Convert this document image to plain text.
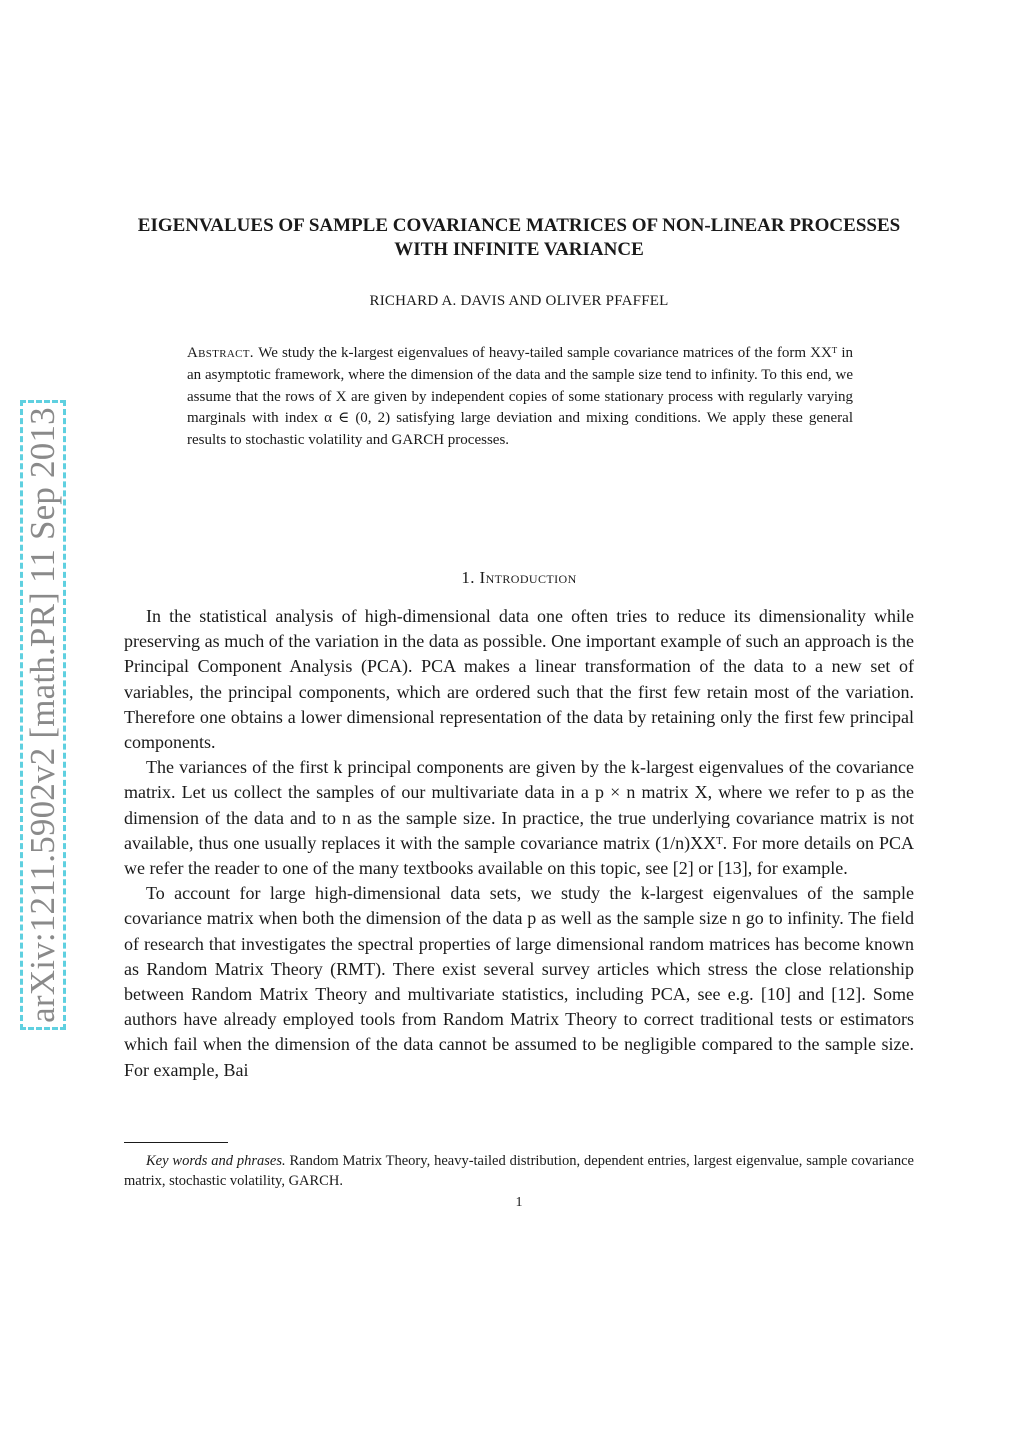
arXiv:1211.5902v2 [math.PR] 11 Sep 2013
EIGENVALUES OF SAMPLE COVARIANCE MATRICES OF NON-LINEAR PROCESSES WITH INFINITE VARIANCE
RICHARD A. DAVIS AND OLIVER PFAFFEL
Abstract . We study the k-largest eigenvalues of heavy-tailed sample covariance matrices of the form XXᵀ in an asymptotic framework, where the dimension of the data and the sample size tend to infinity. To this end, we assume that the rows of X are given by independent copies of some stationary process with regularly varying marginals with index α ∈ (0, 2) satisfying large deviation and mixing conditions. We apply these general results to stochastic volatility and GARCH processes.
1. Introduction

In the statistical analysis of high-dimensional data one often tries to reduce its dimensionality while preserving as much of the variation in the data as possible. One important example of such an approach is the Principal Component Analysis (PCA). PCA makes a linear transformation of the data to a new set of variables, the principal components, which are ordered such that the first few retain most of the variation. Therefore one obtains a lower dimensional representation of the data by retaining only the first few principal components.

The variances of the first k principal components are given by the k-largest eigenvalues of the covariance matrix. Let us collect the samples of our multivariate data in a p × n matrix X, where we refer to p as the dimension of the data and to n as the sample size. In practice, the true underlying covariance matrix is not available, thus one usually replaces it with the sample covariance matrix (1/n)XXᵀ. For more details on PCA we refer the reader to one of the many textbooks available on this topic, see [2] or [13], for example.

To account for large high-dimensional data sets, we study the k-largest eigenvalues of the sample covariance matrix when both the dimension of the data p as well as the sample size n go to infinity. The field of research that investigates the spectral properties of large dimensional random matrices has become known as Random Matrix Theory (RMT). There exist several survey articles which stress the close relationship between Random Matrix Theory and multivariate statistics, including PCA, see e.g. [10] and [12]. Some authors have already employed tools from Random Matrix Theory to correct traditional tests or estimators which fail when the dimension of the data cannot be assumed to be negligible compared to the sample size. For example, Bai

Key words and phrases. Random Matrix Theory, heavy-tailed distribution, dependent entries, largest eigenvalue, sample covariance matrix, stochastic volatility, GARCH.
1
